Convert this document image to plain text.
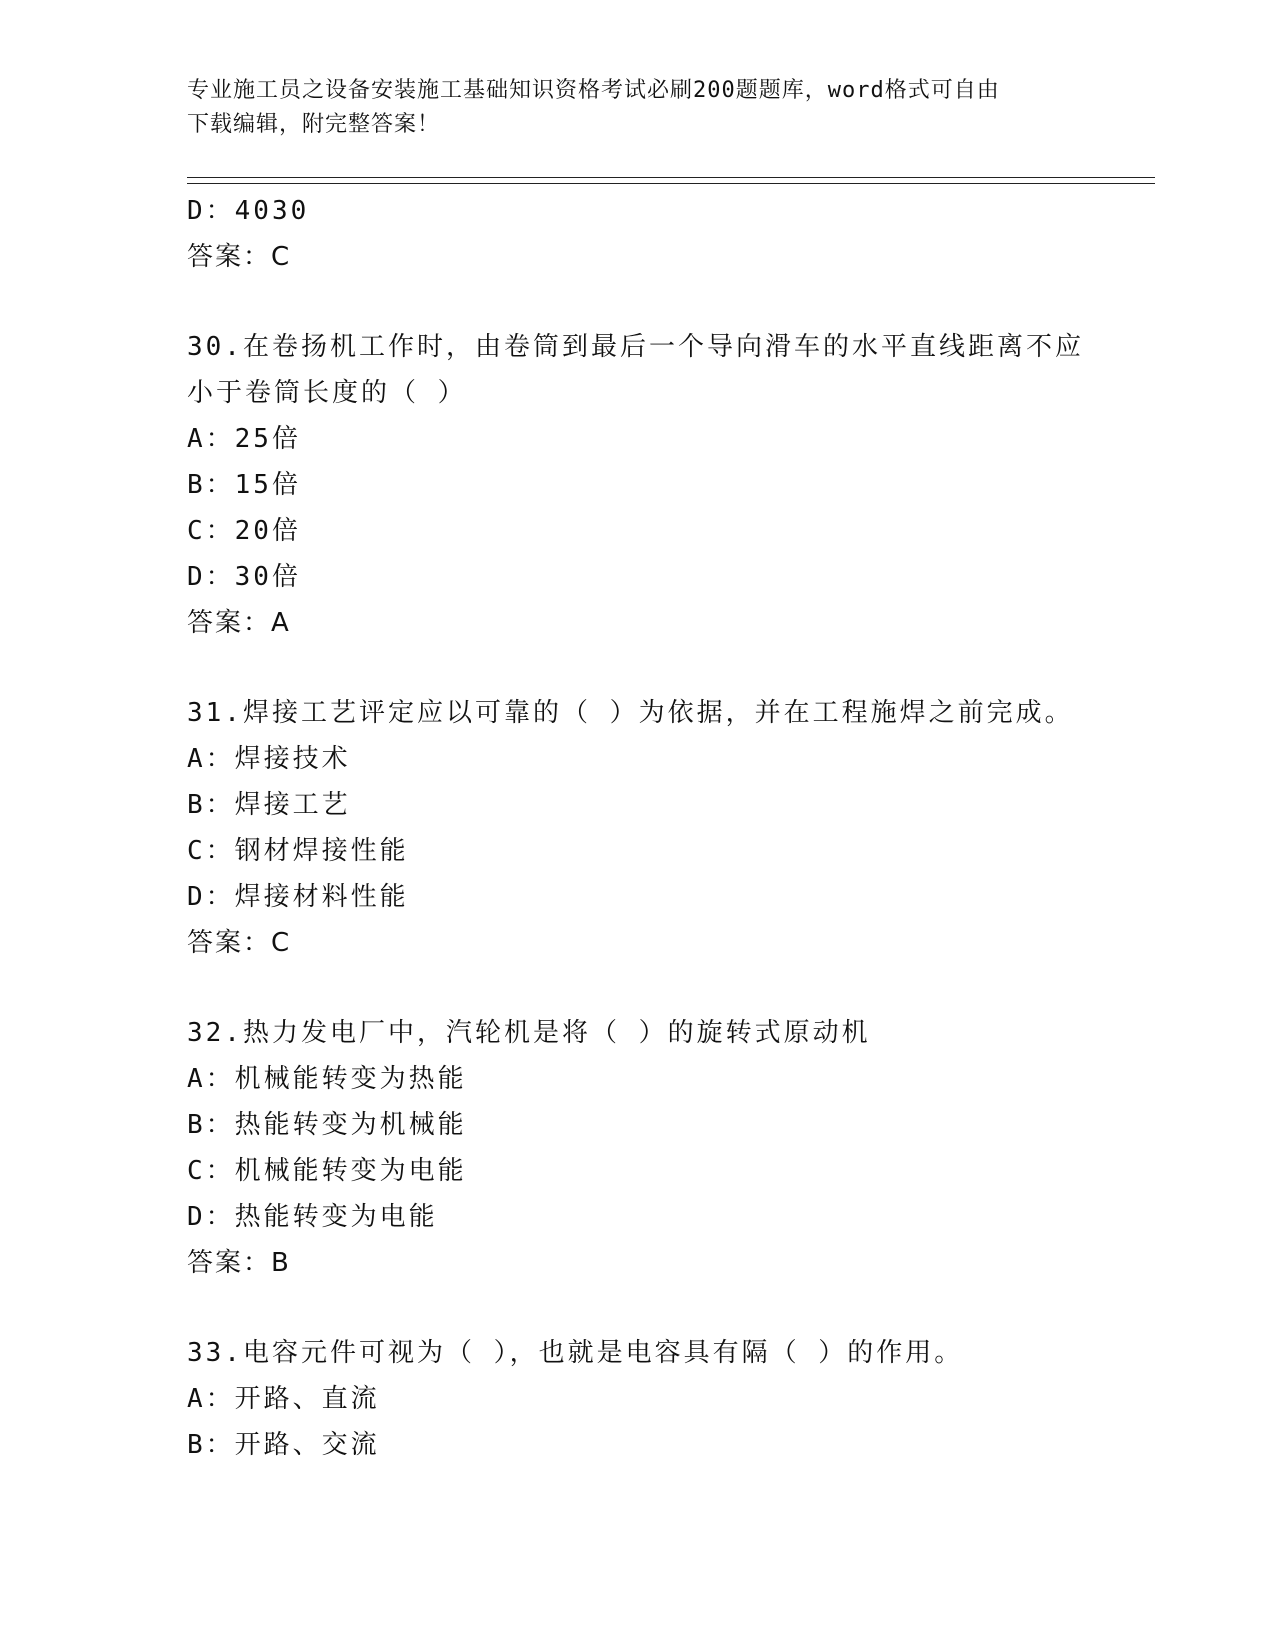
专业施工员之设备安装施工基础知识资格考试必刷200题题库，word格式可自由
下载编辑，附完整答案！
D：4030
答案：C
30.在卷扬机工作时，由卷筒到最后一个导向滑车的水平直线距离不应
小于卷筒长度的（ ）
A：25倍
B：15倍
C：20倍
D：30倍
答案：A
31.焊接工艺评定应以可靠的（ ）为依据，并在工程施焊之前完成。
A：焊接技术
B：焊接工艺
C：钢材焊接性能
D：焊接材料性能
答案：C
32.热力发电厂中，汽轮机是将（ ）的旋转式原动机
A：机械能转变为热能
B：热能转变为机械能
C：机械能转变为电能
D：热能转变为电能
答案：B
33.电容元件可视为（ ），也就是电容具有隔（ ）的作用。
A：开路、直流
B：开路、交流
